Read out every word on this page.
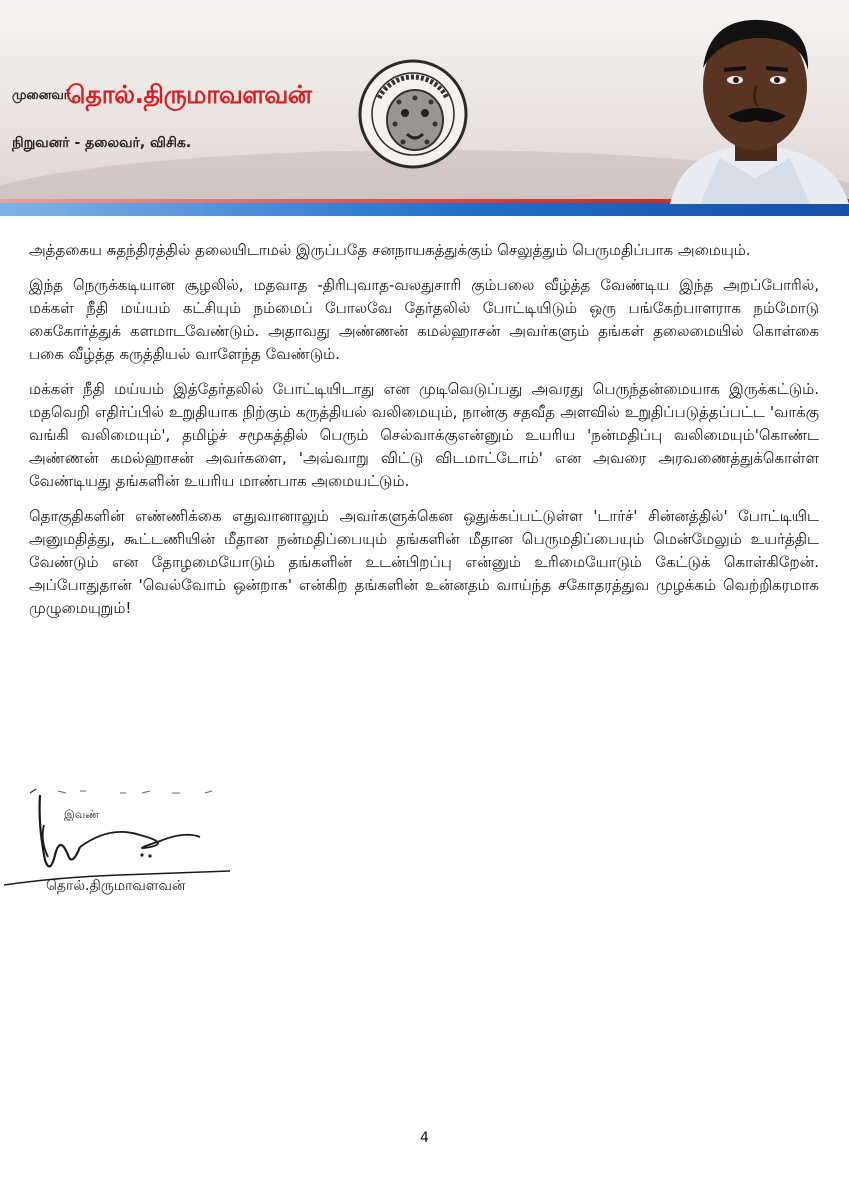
முனைவர்
தொல்.திருமாவளவன்
நிறுவனர் - தலைவர், விசிக.

அத்தகைய சுதந்திரத்தில் தலையிடாமல் இருப்பதே சனநாயகத்துக்கும் செலுத்தும் பெருமதிப்பாக அமையும்.

இந்த நெருக்கடியான சூழலில், மதவாத -திரிபுவாத-வலதுசாரி கும்பலை வீழ்த்த வேண்டிய இந்த அறப்போரில், மக்கள் நீதி மய்யம் கட்சியும் நம்மைப் போலவே தேர்தலில் போட்டியிடும் ஒரு பங்கேற்பாளராக நம்மோடு கைகோர்த்துக் களமாடவேண்டும். அதாவது அண்ணன் கமல்ஹாசன் அவர்களும் தங்கள் தலைமையில் கொள்கை பகை வீழ்த்த கருத்தியல் வாளேந்த வேண்டும்.

மக்கள் நீதி மய்யம் இத்தேர்தலில் போட்டியிடாது என முடிவெடுப்பது அவரது பெருந்தன்மையாக இருக்கட்டும். மதவெறி எதிர்ப்பில் உறுதியாக நிற்கும் கருத்தியல் வலிமையும், நான்கு சதவீத அளவில் உறுதிப்படுத்தப்பட்ட 'வாக்கு வங்கி வலிமையும்', தமிழ்ச் சமூகத்தில் பெரும் செல்வாக்குஎன்னும் உயரிய 'நன்மதிப்பு வலிமையும்'கொண்ட அண்ணன் கமல்ஹாசன் அவர்களை, 'அவ்வாறு விட்டு விடமாட்டோம்' என அவரை அரவணைத்துக்கொள்ள வேண்டியது தங்களின் உயரிய மாண்பாக அமையட்டும்.

தொகுதிகளின் எண்ணிக்கை எதுவானாலும் அவர்களுக்கென ஒதுக்கப்பட்டுள்ள 'டார்ச்' சின்னத்தில்' போட்டியிட அனுமதித்து, கூட்டணியின் மீதான நன்மதிப்பையும் தங்களின் மீதான பெருமதிப்பையும் மென்மேலும் உயர்த்திட வேண்டும் என தோழமையோடும் தங்களின் உடன்பிறப்பு என்னும் உரிமையோடும் கேட்டுக் கொள்கிறேன். அப்போதுதான் 'வெல்வோம் ஒன்றாக' என்கிற தங்களின் உன்னதம் வாய்ந்த சகோதரத்துவ முழக்கம் வெற்றிகரமாக முழுமையுறும்!

இவண்
தொல்.திருமாவளவன்
4
